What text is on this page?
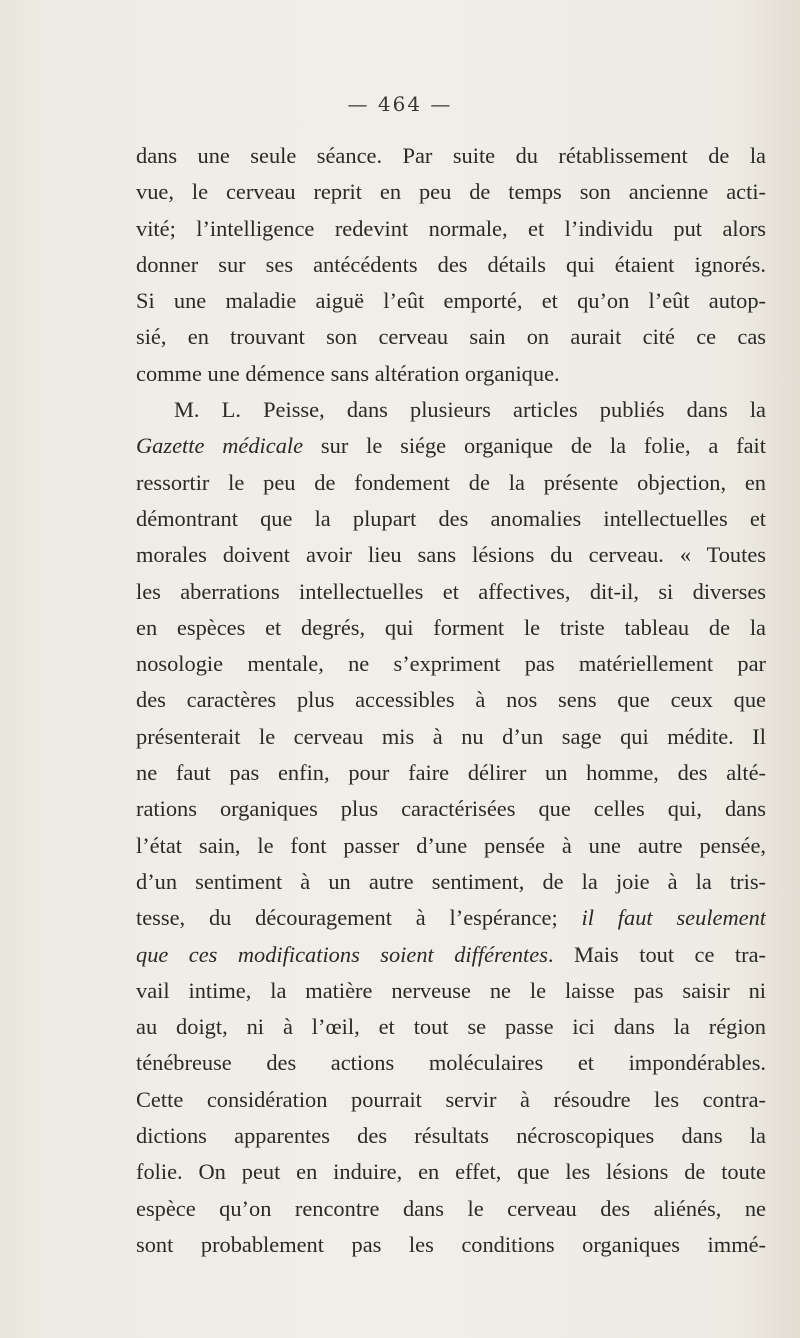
— 464 —
dans une seule séance. Par suite du rétablissement de la
vue, le cerveau reprit en peu de temps son ancienne acti-
vité; l’intelligence redevint normale, et l’individu put alors
donner sur ses antécédents des détails qui étaient ignorés.
Si une maladie aiguë l’eût emporté, et qu’on l’eût autop-
sié, en trouvant son cerveau sain on aurait cité ce cas
comme une démence sans altération organique.
M. L. Peisse, dans plusieurs articles publiés dans la
Gazette médicale sur le siége organique de la folie, a fait
ressortir le peu de fondement de la présente objection, en
démontrant que la plupart des anomalies intellectuelles et
morales doivent avoir lieu sans lésions du cerveau. « Toutes
les aberrations intellectuelles et affectives, dit-il, si diverses
en espèces et degrés, qui forment le triste tableau de la
nosologie mentale, ne s’expriment pas matériellement par
des caractères plus accessibles à nos sens que ceux que
présenterait le cerveau mis à nu d’un sage qui médite. Il
ne faut pas enfin, pour faire délirer un homme, des alté-
rations organiques plus caractérisées que celles qui, dans
l’état sain, le font passer d’une pensée à une autre pensée,
d’un sentiment à un autre sentiment, de la joie à la tris-
tesse, du découragement à l’espérance; il faut seulement
que ces modifications soient différentes. Mais tout ce tra-
vail intime, la matière nerveuse ne le laisse pas saisir ni
au doigt, ni à l’œil, et tout se passe ici dans la région
ténébreuse des actions moléculaires et impondérables.
Cette considération pourrait servir à résoudre les contra-
dictions apparentes des résultats nécroscopiques dans la
folie. On peut en induire, en effet, que les lésions de toute
espèce qu’on rencontre dans le cerveau des aliénés, ne
sont probablement pas les conditions organiques immé-
